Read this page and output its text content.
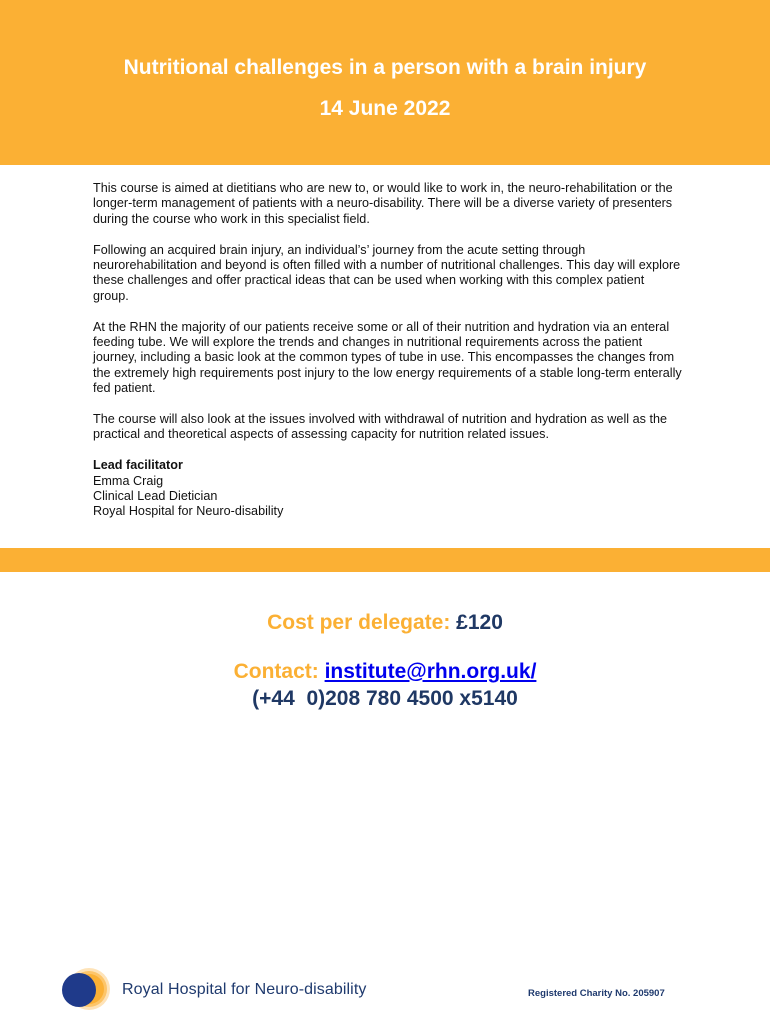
Nutritional challenges in a person with a brain injury
14 June 2022

This course is aimed at dietitians who are new to, or would like to work in, the neuro-rehabilitation or the longer-term management of patients with a neuro-disability. There will be a diverse variety of presenters during the course who work in this specialist field.

Following an acquired brain injury, an individual’s’ journey from the acute setting through neurorehabilitation and beyond is often filled with a number of nutritional challenges. This day will explore these challenges and offer practical ideas that can be used when working with this complex patient group.

At the RHN the majority of our patients receive some or all of their nutrition and hydration via an enteral feeding tube. We will explore the trends and changes in nutritional requirements across the patient journey, including a basic look at the common types of tube in use. This encompasses the changes from the extremely high requirements post injury to the low energy requirements of a stable long-term enterally fed patient.

The course will also look at the issues involved with withdrawal of nutrition and hydration as well as the practical and theoretical aspects of assessing capacity for nutrition related issues.

Lead facilitator
Emma Craig
Clinical Lead Dietician
Royal Hospital for Neuro-disability
Cost per delegate: £120
Contact: institute@rhn.org.uk/
(+44  0)208 780 4500 x5140
Royal Hospital for Neuro-disability	Registered Charity No. 205907
